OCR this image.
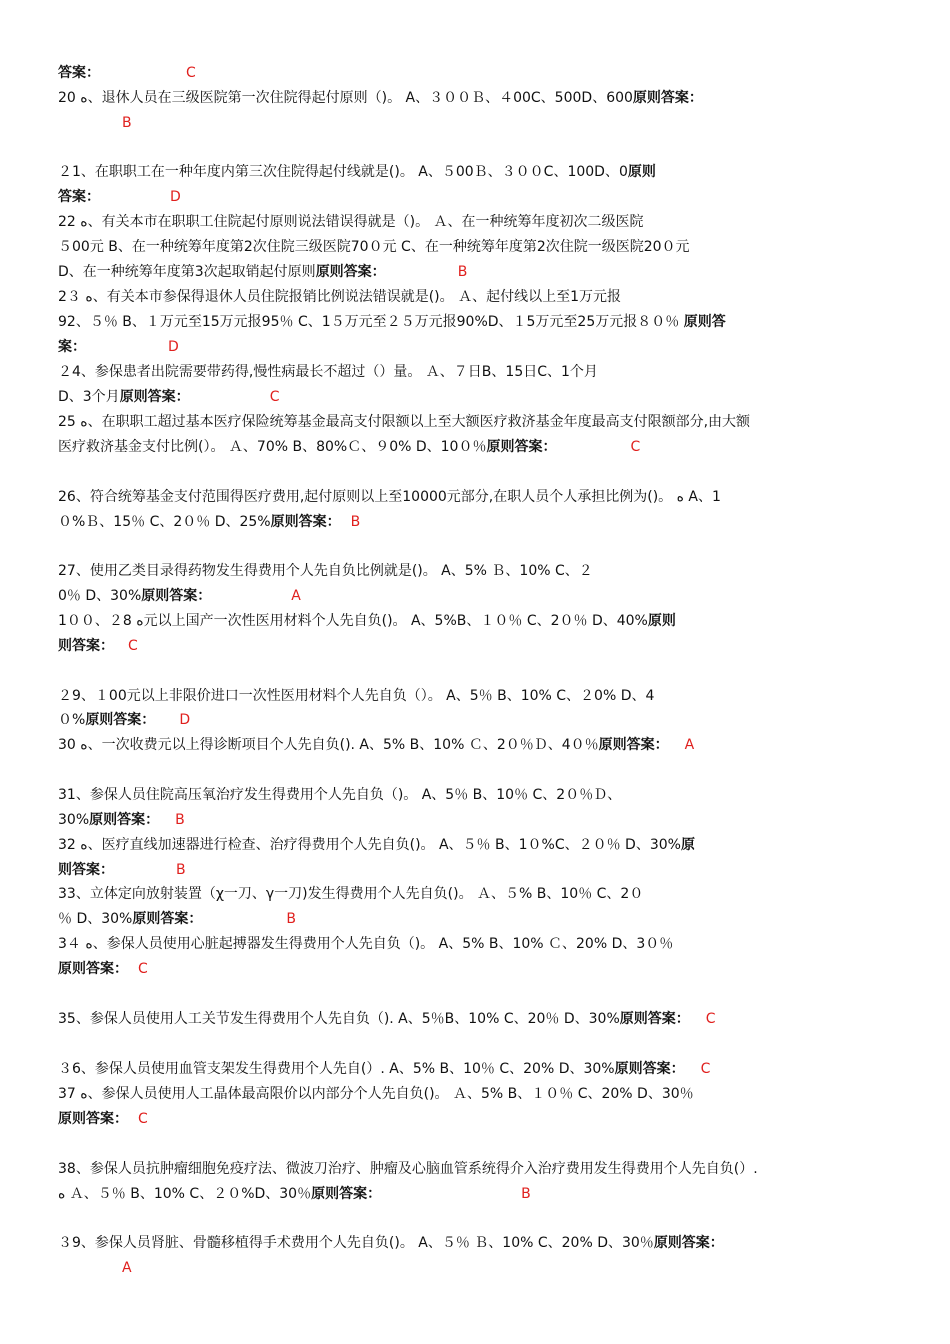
答案：	C
20 ﻩ、退休人员在三级医院第一次住院得起付原则（)。 A、３００Ｂ、４00C、500D、600原则答案：
B
２1、在职职工在一种年度内第三次住院得起付线就是()。 A、５00Ｂ、３００C、100D、0原则
答案：	D
22 ﻩ、有关本市在职职工住院起付原则说法错误得就是（)。 Ａ、在一种统筹年度初次二级医院
５00元 B、在一种统筹年度第2次住院三级医院70０元 C、在一种统筹年度第2次住院一级医院20０元
D、在一种统筹年度第3次起取销起付原则原则答案：	B
2３ ﻩ、有关本市参保得退休人员住院报销比例说法错误就是()。 Ａ、起付线以上至1万元报
92、５％ B、１万元至15万元报95％ C、1５万元至２５万元报90%D、１5万元至25万元报８０％ 原则答
案：	D
２4、参保患者出院需要带药得,慢性病最长不超过（）量。 Ａ、７日B、15日C、1个月
D、3个月原则答案：	C
25 ﻩ、在职职工超过基本医疗保险统筹基金最高支付限额以上至大额医疗救济基金年度最高支付限额部分,由大额
医疗救济基金支付比例(）。 Ａ、70% B、80%Ｃ、９0% D、10０％原则答案：	C
26、符合统筹基金支付范围得医疗费用,起付原则以上至10000元部分,在职人员个人承担比例为()。 ﻩ A、1
０%Ｂ、15％ C、2０％ D、25%原则答案： B
27、使用乙类目录得药物发生得费用个人先自负比例就是()。 A、5% Ｂ、10% C、２
0％ D、30%原则答案：	A
1００、２8 ﻩ元以上国产一次性医用材料个人先自负()。 A、5%B、１０％ C、2０％ D、40%原则
则答案： C
２9、１00元以上非限价进口一次性医用材料个人先自负（）。 A、5％ B、10% C、２0% D、4
０%原则答案： D
30 ﻩ、一次收费元以上得诊断项目个人先自负(). A、5% B、10% Ｃ、2０％Ｄ、4０％原则答案： A
31、参保人员住院高压氧治疗发生得费用个人先自负（)。 A、5％ B、10％ C、2０％Ｄ、
30%原则答案： B
32 ﻩ、医疗直线加速器进行检查、治疗得费用个人先自负()。 A、５％ B、1０%C、２０％ D、30%原
则答案：	B
33、立体定向放射装置（χ一刀、γ一刀)发生得费用个人先自负()。 Ａ、５% B、10％ C、2０
％ D、30%原则答案：	B
3４ ﻩ、参保人员使用心脏起搏器发生得费用个人先自负（)。 A、5% B、10% Ｃ、20% D、3０％
原则答案： C
35、参保人员使用人工关节发生得费用个人先自负（). A、5％B、10% C、20％ D、30%原则答案： C
３6、参保人员使用血管支架发生得费用个人先自(）. A、5% B、10％ C、20% D、30%原则答案： C
37 ﻩ、参保人员使用人工晶体最高限价以内部分个人先自负()。 Ａ、5% B、１０％ C、20% D、30％
原则答案： C
38、参保人员抗肿瘤细胞免疫疗法、微波刀治疗、肿瘤及心脑血管系统得介入治疗费用发生得费用个人先自负(）.
ﻩ Ａ、５％ B、10% C、２０%D、30％原则答案：	B
３9、参保人员肾脏、骨髓移植得手术费用个人先自负()。 A、５％ Ｂ、10% C、20% D、30％原则答案：
A
